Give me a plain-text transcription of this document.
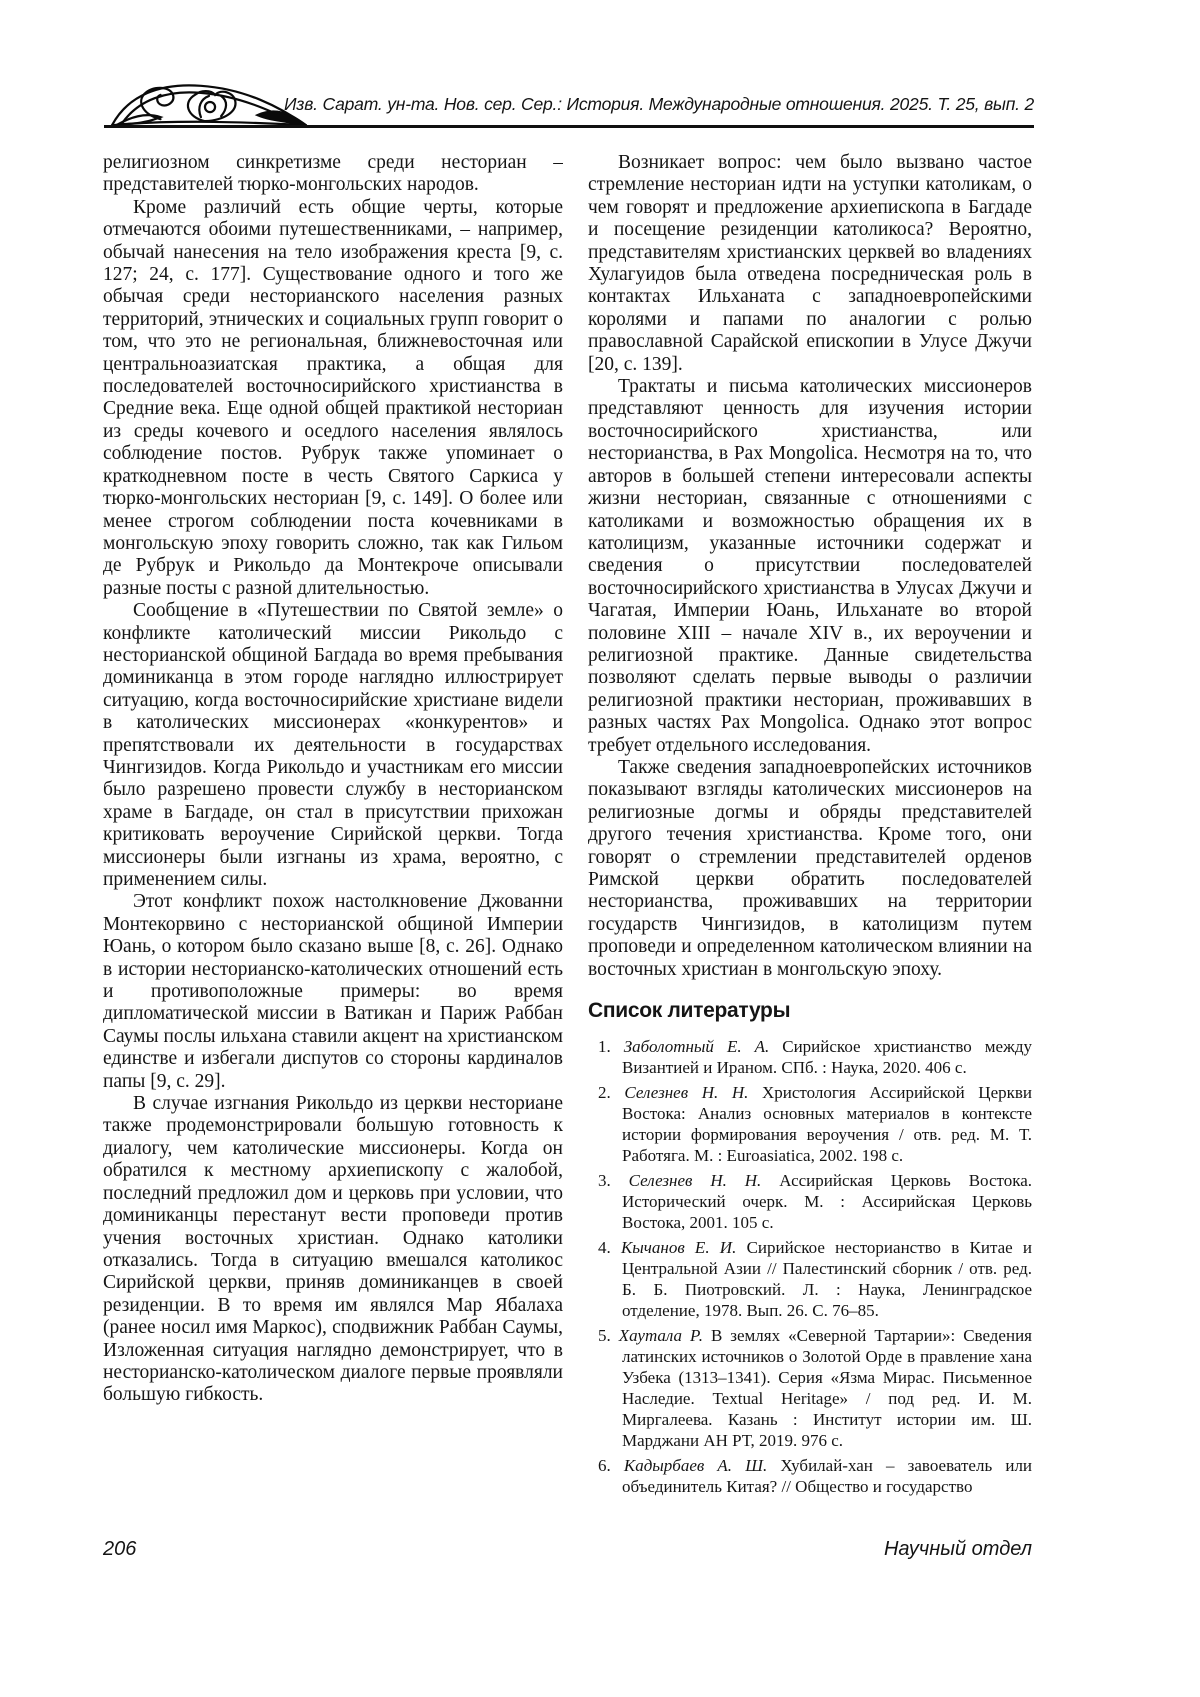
Изв. Сарат. ун-та. Нов. сер. Сер.: История. Международные отношения. 2025. Т. 25, вып. 2

религиозном синкретизме среди несториан – представителей тюрко-монгольских народов.

Кроме различий есть общие черты, которые отмечаются обоими путешественниками, – например, обычай нанесения на тело изображения креста [9, с. 127; 24, с. 177]. Существование одного и того же обычая среди несторианского населения разных территорий, этнических и социальных групп говорит о том, что это не региональная, ближневосточная или центральноазиатская практика, а общая для последователей восточносирийского христианства в Средние века. Еще одной общей практикой несториан из среды кочевого и оседлого населения являлось соблюдение постов. Рубрук также упоминает о краткодневном посте в честь Святого Саркиса у тюрко-монгольских несториан [9, с. 149]. О более или менее строгом соблюдении поста кочевниками в монгольскую эпоху говорить сложно, так как Гильом де Рубрук и Рикольдо да Монтекроче описывали разные посты с разной длительностью.

Сообщение в «Путешествии по Святой земле» о конфликте католический миссии Рикольдо с несторианской общиной Багдада во время пребывания доминиканца в этом городе наглядно иллюстрирует ситуацию, когда восточносирийские христиане видели в католических миссионерах «конкурентов» и препятствовали их деятельности в государствах Чингизидов. Когда Рикольдо и участникам его миссии было разрешено провести службу в несторианском храме в Багдаде, он стал в присутствии прихожан критиковать вероучение Сирийской церкви. Тогда миссионеры были изгнаны из храма, вероятно, с применением силы.

Этот конфликт похож настолкновение Джованни Монтекорвино с несторианской общиной Империи Юань, о котором было сказано выше [8, с. 26]. Однако в истории несторианско-католических отношений есть и противоположные примеры: во время дипломатической миссии в Ватикан и Париж Раббан Саумы послы ильхана ставили акцент на христианском единстве и избегали диспутов со стороны кардиналов папы [9, с. 29].

В случае изгнания Рикольдо из церкви несториане также продемонстрировали большую готовность к диалогу, чем католические миссионеры. Когда он обратился к местному архиепископу с жалобой, последний предложил дом и церковь при условии, что доминиканцы перестанут вести проповеди против учения восточных христиан. Однако католики отказались. Тогда в ситуацию вмешался католикос Сирийской церкви, приняв доминиканцев в своей резиденции. В то время им являлся Мар Ябалаха (ранее носил имя Маркос), сподвижник Раббан Саумы, Изложенная ситуация наглядно демонстрирует, что в несторианско-католическом диалоге первые проявляли большую гибкость.

Возникает вопрос: чем было вызвано частое стремление несториан идти на уступки католикам, о чем говорят и предложение архиепископа в Багдаде и посещение резиденции католикоса? Вероятно, представителям христианских церквей во владениях Хулагуидов была отведена посредническая роль в контактах Ильханата с западноевропейскими королями и папами по аналогии с ролью православной Сарайской епископии в Улусе Джучи [20, с. 139].

Трактаты и письма католических миссионеров представляют ценность для изучения истории восточносирийского христианства, или несторианства, в Pax Mongolica. Несмотря на то, что авторов в большей степени интересовали аспекты жизни несториан, связанные с отношениями с католиками и возможностью обращения их в католицизм, указанные источники содержат и сведения о присутствии последователей восточносирийского христианства в Улусах Джучи и Чагатая, Империи Юань, Ильханате во второй половине XIII – начале XIV в., их вероучении и религиозной практике. Данные свидетельства позволяют сделать первые выводы о различии религиозной практики несториан, проживавших в разных частях Pax Mongolica. Однако этот вопрос требует отдельного исследования.

Также сведения западноевропейских источников показывают взгляды католических миссионеров на религиозные догмы и обряды представителей другого течения христианства. Кроме того, они говорят о стремлении представителей орденов Римской церкви обратить последователей несторианства, проживавших на территории государств Чингизидов, в католицизм путем проповеди и определенном католическом влиянии на восточных христиан в монгольскую эпоху.

Список литературы
1. Заболотный Е. А. Сирийское христианство между Византией и Ираном. СПб. : Наука, 2020. 406 с.
2. Селезнев Н. Н. Христология Ассирийской Церкви Востока: Анализ основных материалов в контексте истории формирования вероучения / отв. ред. М. Т. Работяга. М. : Euroasiatica, 2002. 198 с.
3. Селезнев Н. Н. Ассирийская Церковь Востока. Исторический очерк. М. : Ассирийская Церковь Востока, 2001. 105 с.
4. Кычанов Е. И. Сирийское несторианство в Китае и Центральной Азии // Палестинский сборник / отв. ред. Б. Б. Пиотровский. Л. : Наука, Ленинградское отделение, 1978. Вып. 26. С. 76–85.
5. Хаутала Р. В землях «Северной Тартарии»: Сведения латинских источников о Золотой Орде в правление хана Узбека (1313–1341). Серия «Язма Мирас. Письменное Наследие. Textual Heritage» / под ред. И. М. Миргалеева. Казань : Институт истории им. Ш. Марджани АН РТ, 2019. 976 с.
6. Кадырбаев А. Ш. Хубилай-хан – завоеватель или объединитель Китая? // Общество и государство
206	Научный отдел
